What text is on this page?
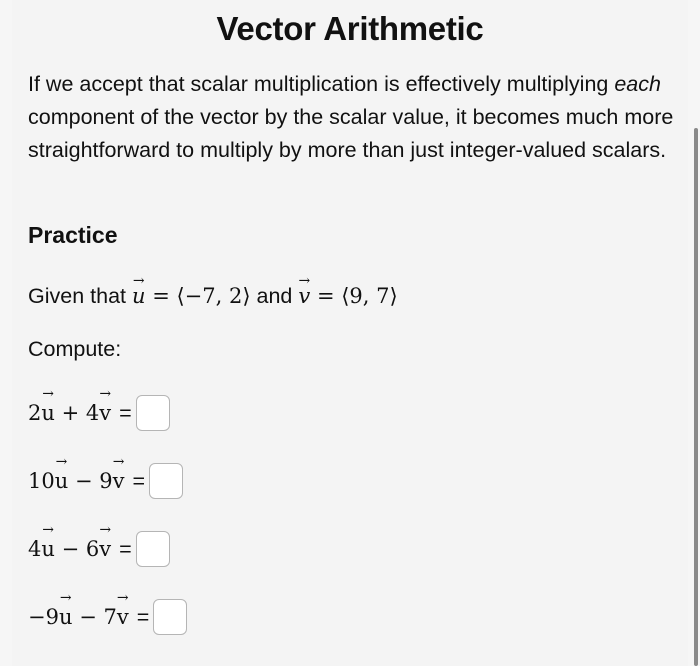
Vector Arithmetic

If we accept that scalar multiplication is effectively multiplying each component of the vector by the scalar value, it becomes much more straightforward to multiply by more than just integer-valued scalars.

Practice
Given that → u = ⟨−7, 2⟩ and → v = ⟨9, 7⟩
Compute:
2→ u + 4→ v =
10→ u − 9→ v =
4→ u − 6→ v =
−9→ u − 7→ v =
